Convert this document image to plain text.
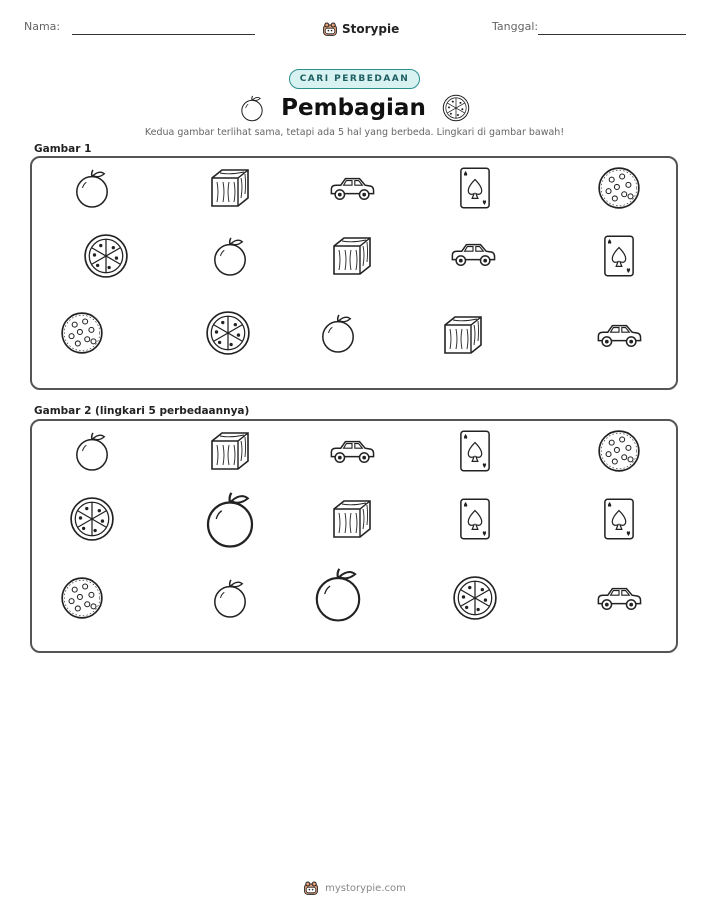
Nama:	Storypie	Tanggal:
CARI PERBEDAAN
Pembagian
Kedua gambar terlihat sama, tetapi ada 5 hal yang berbeda. Lingkari di gambar bawah!
Gambar 1
Gambar 2 (lingkari 5 perbedaannya)
mystorypie.com
